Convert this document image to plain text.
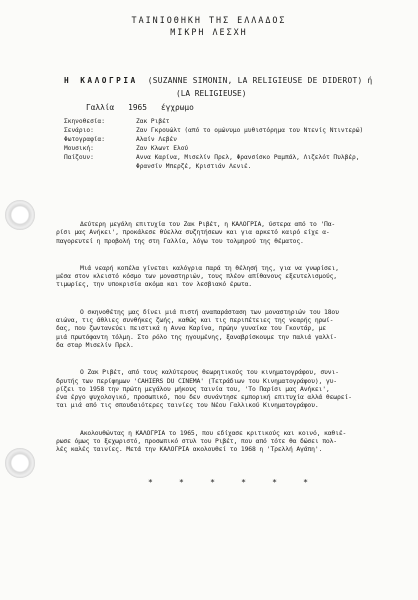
ΤΑΙΝΙΟΘΗΚΗ ΤΗΣ ΕΛΛΑΔΟΣ
ΜΙΚΡΗ ΛΕΣΧΗ
Η ΚΑΛΟΓΡΙΑ (SUZANNE SIMONIN, LA RELIGIEUSE DE DIDEROT) ή
(LA RELIGIEUSE)
Γαλλία 1965 έγχρωμο
Σκηνοθεσία:	Ζακ Ριβέτ
Σενάριο:	Ζαν Γκρουώλτ (από το ομώνυμο μυθιστόρημα του Ντενίς Ντιντερώ)
Φωτογραφία:	Αλαίν Λεβέν
Μουσική:	Ζαν Κλωντ Ελού
Παίζουν:	Αννα Καρίνα, Μισελίν Πρελ, Φρανσίσκο Ραμπάλ, Λιζελότ Πυλβέρ,
Φρανσίν Μπερζέ, Κριστιάν Λενιέ.

Δεύτερη μεγάλη επιτυχία του Ζακ Ριβέτ, η ΚΑΛΟΓΡΙΑ, ύστερα από το 'Πα-
ρίσι μας Ανήκει', προκάλεσε θύελλα συζητήσεων και για αρκετό καιρό είχε α-
παγορευτεί η προβολή της στη Γαλλία, λόγω του τολμηρού της θέματος.

Μιά νεαρή κοπέλα γίνεται καλόγρια παρά τη θέλησή της, για να γνωρίσει,
μέσα στον κλειστό κόσμο των μοναστηριών, τους πλέον απίθανους εξευτελισμούς,
τιμωρίες, την υποκρισία ακόμα και τον λεσβιακό έρωτα.

Ο σκηνοθέτης μας δίνει μιά πιστή αναπαράσταση των μοναστηριών του 18ου
αιώνα, τις άθλιες συνθήκες ζωής, καθώς και τις περιπέτειες της νεαρής ηρωί-
δας, που ζωντανεύει πειστικά η Αννα Καρίνα, πρώην γυναίκα του Γκοντάρ, με
μιά πρωτόφαντη τόλμη. Στο ρόλο της ηγουμένης, ξαναβρίσκουμε την παλιά γαλλί-
δα σταρ Μισελίν Πρελ.

Ο Ζακ Ριβέτ, από τους καλύτερους θεωρητικούς του κινηματογράφου, συνι-
δρυτής των περίφημων 'CAHIERS DU CINEMA' (Τετράδιων του Κινηματογράφου), γυ-
ρίζει το 1958 την πρώτη μεγάλου μήκους ταινία του, 'Το Παρίσι μας Ανήκει',
ένα έργο ψυχολογικό, προσωπικό, που δεν συνάντησε εμπορική επιτυχία αλλά θεωρεί-
ται μιά από τις σπουδαιότερες ταινίες του Νέου Γαλλικού Κινηματογράφου.

Ακολουθώντας η ΚΑΛΟΓΡΙΑ το 1965, που εδίχασε κριτικούς και κοινό, καθιέ-
ρωσε όμως το ξεχωριστό, προσωπικό στυλ του Ριβέτ, που από τότε θα δώσει πολ-
λές καλές ταινίες. Μετά την ΚΑΛΟΓΡΙΑ ακολουθεί το 1968 η 'Τρελλή Αγάπη'.

*	*	*	*	*	*
